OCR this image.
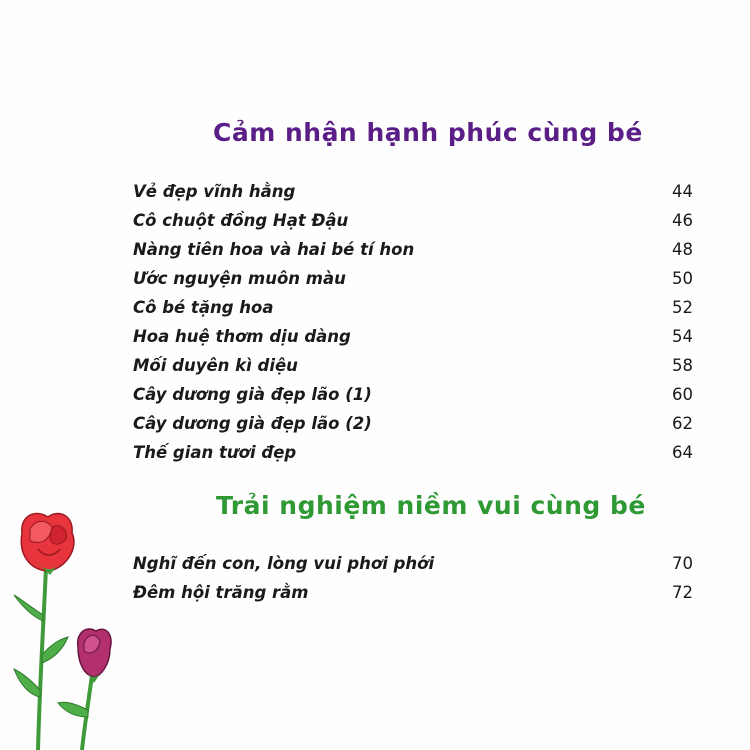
Cảm nhận hạnh phúc cùng bé
Vẻ đẹp vĩnh hằng	44
Cô chuột đồng Hạt Đậu	46
Nàng tiên hoa và hai bé tí hon	48
Ước nguyện muôn màu	50
Cô bé tặng hoa	52
Hoa huệ thơm dịu dàng	54
Mối duyên kì diệu	58
Cây dương già đẹp lão (1)	60
Cây dương già đẹp lão (2)	62
Thế gian tươi đẹp	64
Trải nghiệm niềm vui cùng bé
Nghĩ đến con, lòng vui phơi phới	70
Đêm hội trăng rằm	72
